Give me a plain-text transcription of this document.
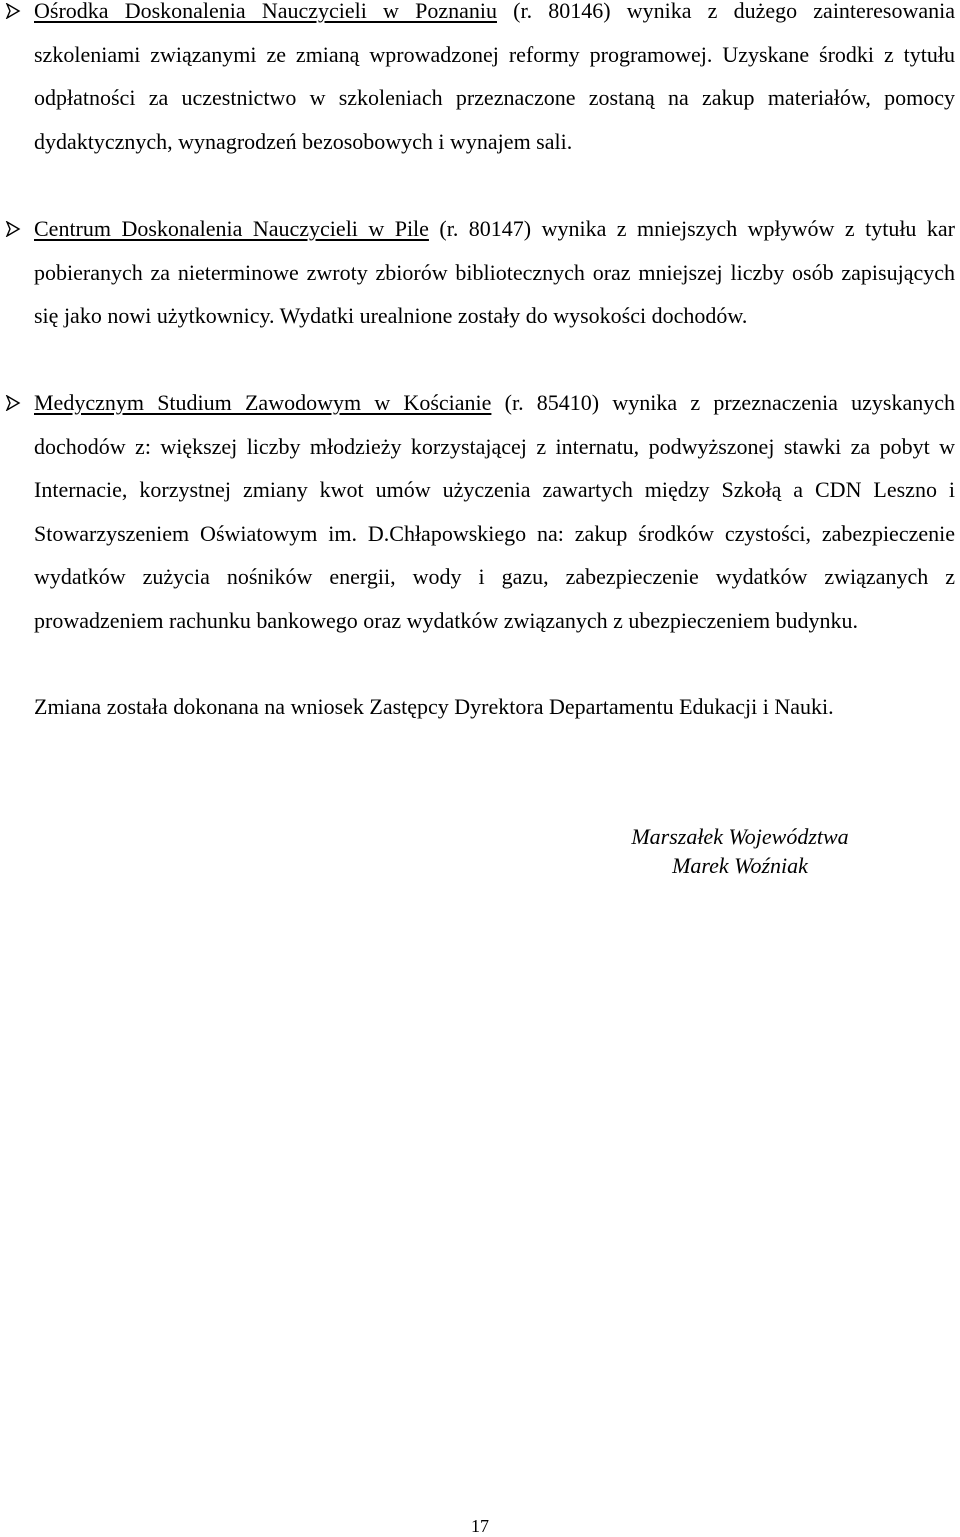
Ośrodka Doskonalenia Nauczycieli w Poznaniu (r. 80146) wynika z dużego zainteresowania szkoleniami związanymi ze zmianą wprowadzonej reformy programowej. Uzyskane środki z tytułu odpłatności za uczestnictwo w szkoleniach przeznaczone zostaną na zakup materiałów, pomocy dydaktycznych, wynagrodzeń bezosobowych i wynajem sali.
Centrum Doskonalenia Nauczycieli w Pile (r. 80147) wynika z mniejszych wpływów z tytułu kar pobieranych za nieterminowe zwroty zbiorów bibliotecznych oraz mniejszej liczby osób zapisujących się jako nowi użytkownicy. Wydatki urealnione zostały do wysokości dochodów.
Medycznym Studium Zawodowym w Kościanie (r. 85410) wynika z przeznaczenia uzyskanych dochodów z: większej liczby młodzieży korzystającej z internatu, podwyższonej stawki za pobyt w Internacie, korzystnej zmiany kwot umów użyczenia zawartych między Szkołą a CDN Leszno i Stowarzyszeniem Oświatowym im. D.Chłapowskiego na: zakup środków czystości, zabezpieczenie wydatków zużycia nośników energii, wody i gazu, zabezpieczenie wydatków związanych z prowadzeniem rachunku bankowego oraz wydatków związanych z ubezpieczeniem budynku.
Zmiana została dokonana na wniosek Zastępcy Dyrektora Departamentu Edukacji i Nauki.
Marszałek Województwa
Marek Woźniak
17
